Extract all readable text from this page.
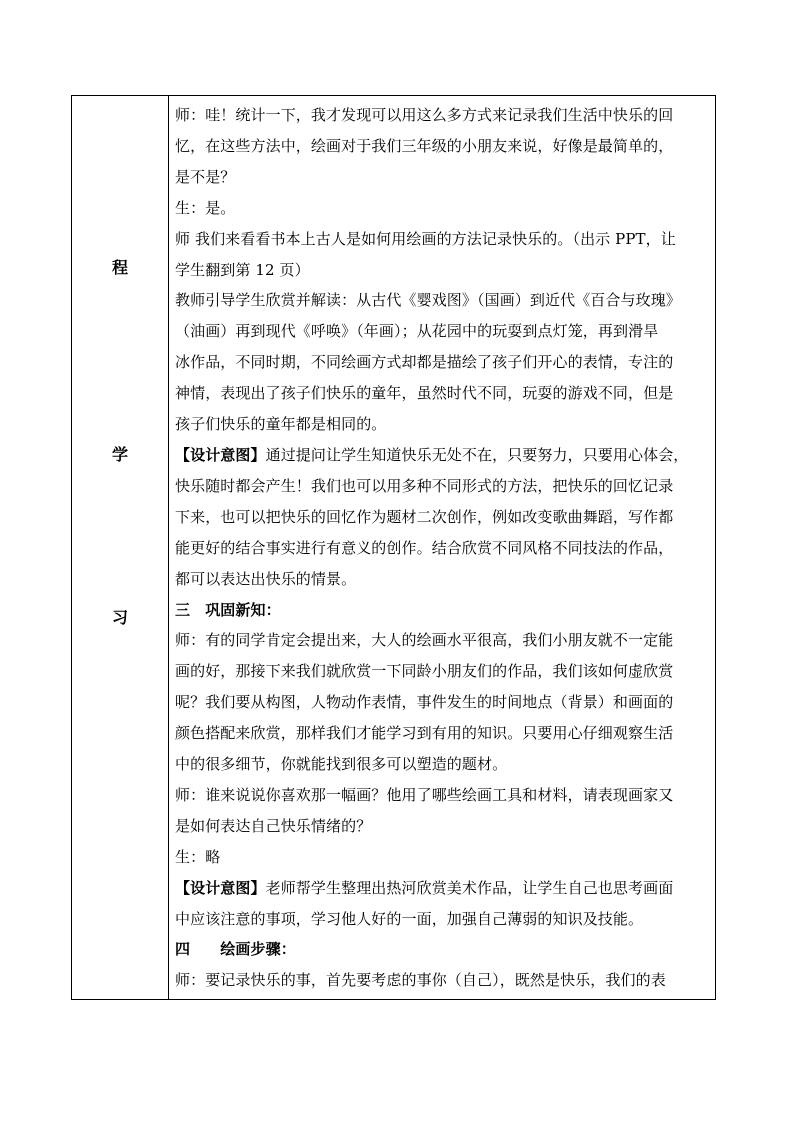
程
学
习

师：哇！统计一下，我才发现可以用这么多方式来记录我们生活中快乐的回

忆，在这些方法中，绘画对于我们三年级的小朋友来说，好像是最简单的，

是不是？

生：是。

师 我们来看看书本上古人是如何用绘画的方法记录快乐的。（出示 PPT，让

学生翻到第 12 页）

教师引导学生欣赏并解读：从古代《婴戏图》（国画）到近代《百合与玫瑰》

（油画）再到现代《呼唤》（年画）；从花园中的玩耍到点灯笼，再到滑旱

冰作品，不同时期，不同绘画方式却都是描绘了孩子们开心的表情，专注的

神情，表现出了孩子们快乐的童年，虽然时代不同，玩耍的游戏不同，但是

孩子们快乐的童年都是相同的。

【设计意图】通过提问让学生知道快乐无处不在，只要努力，只要用心体会，

快乐随时都会产生！我们也可以用多种不同形式的方法，把快乐的回忆记录

下来，也可以把快乐的回忆作为题材二次创作，例如改变歌曲舞蹈，写作都

能更好的结合事实进行有意义的创作。结合欣赏不同风格不同技法的作品，

都可以表达出快乐的情景。

三　巩固新知：

师：有的同学肯定会提出来，大人的绘画水平很高，我们小朋友就不一定能

画的好，那接下来我们就欣赏一下同龄小朋友们的作品，我们该如何虚欣赏

呢？我们要从构图，人物动作表情，事件发生的时间地点（背景）和画面的

颜色搭配来欣赏，那样我们才能学习到有用的知识。只要用心仔细观察生活

中的很多细节，你就能找到很多可以塑造的题材。

师：谁来说说你喜欢那一幅画？他用了哪些绘画工具和材料，请表现画家又

是如何表达自己快乐情绪的？

生：略

【设计意图】老师帮学生整理出热河欣赏美术作品，让学生自己也思考画面

中应该注意的事项，学习他人好的一面，加强自己薄弱的知识及技能。

四　　绘画步骤：

师：要记录快乐的事，首先要考虑的事你（自己），既然是快乐，我们的表
